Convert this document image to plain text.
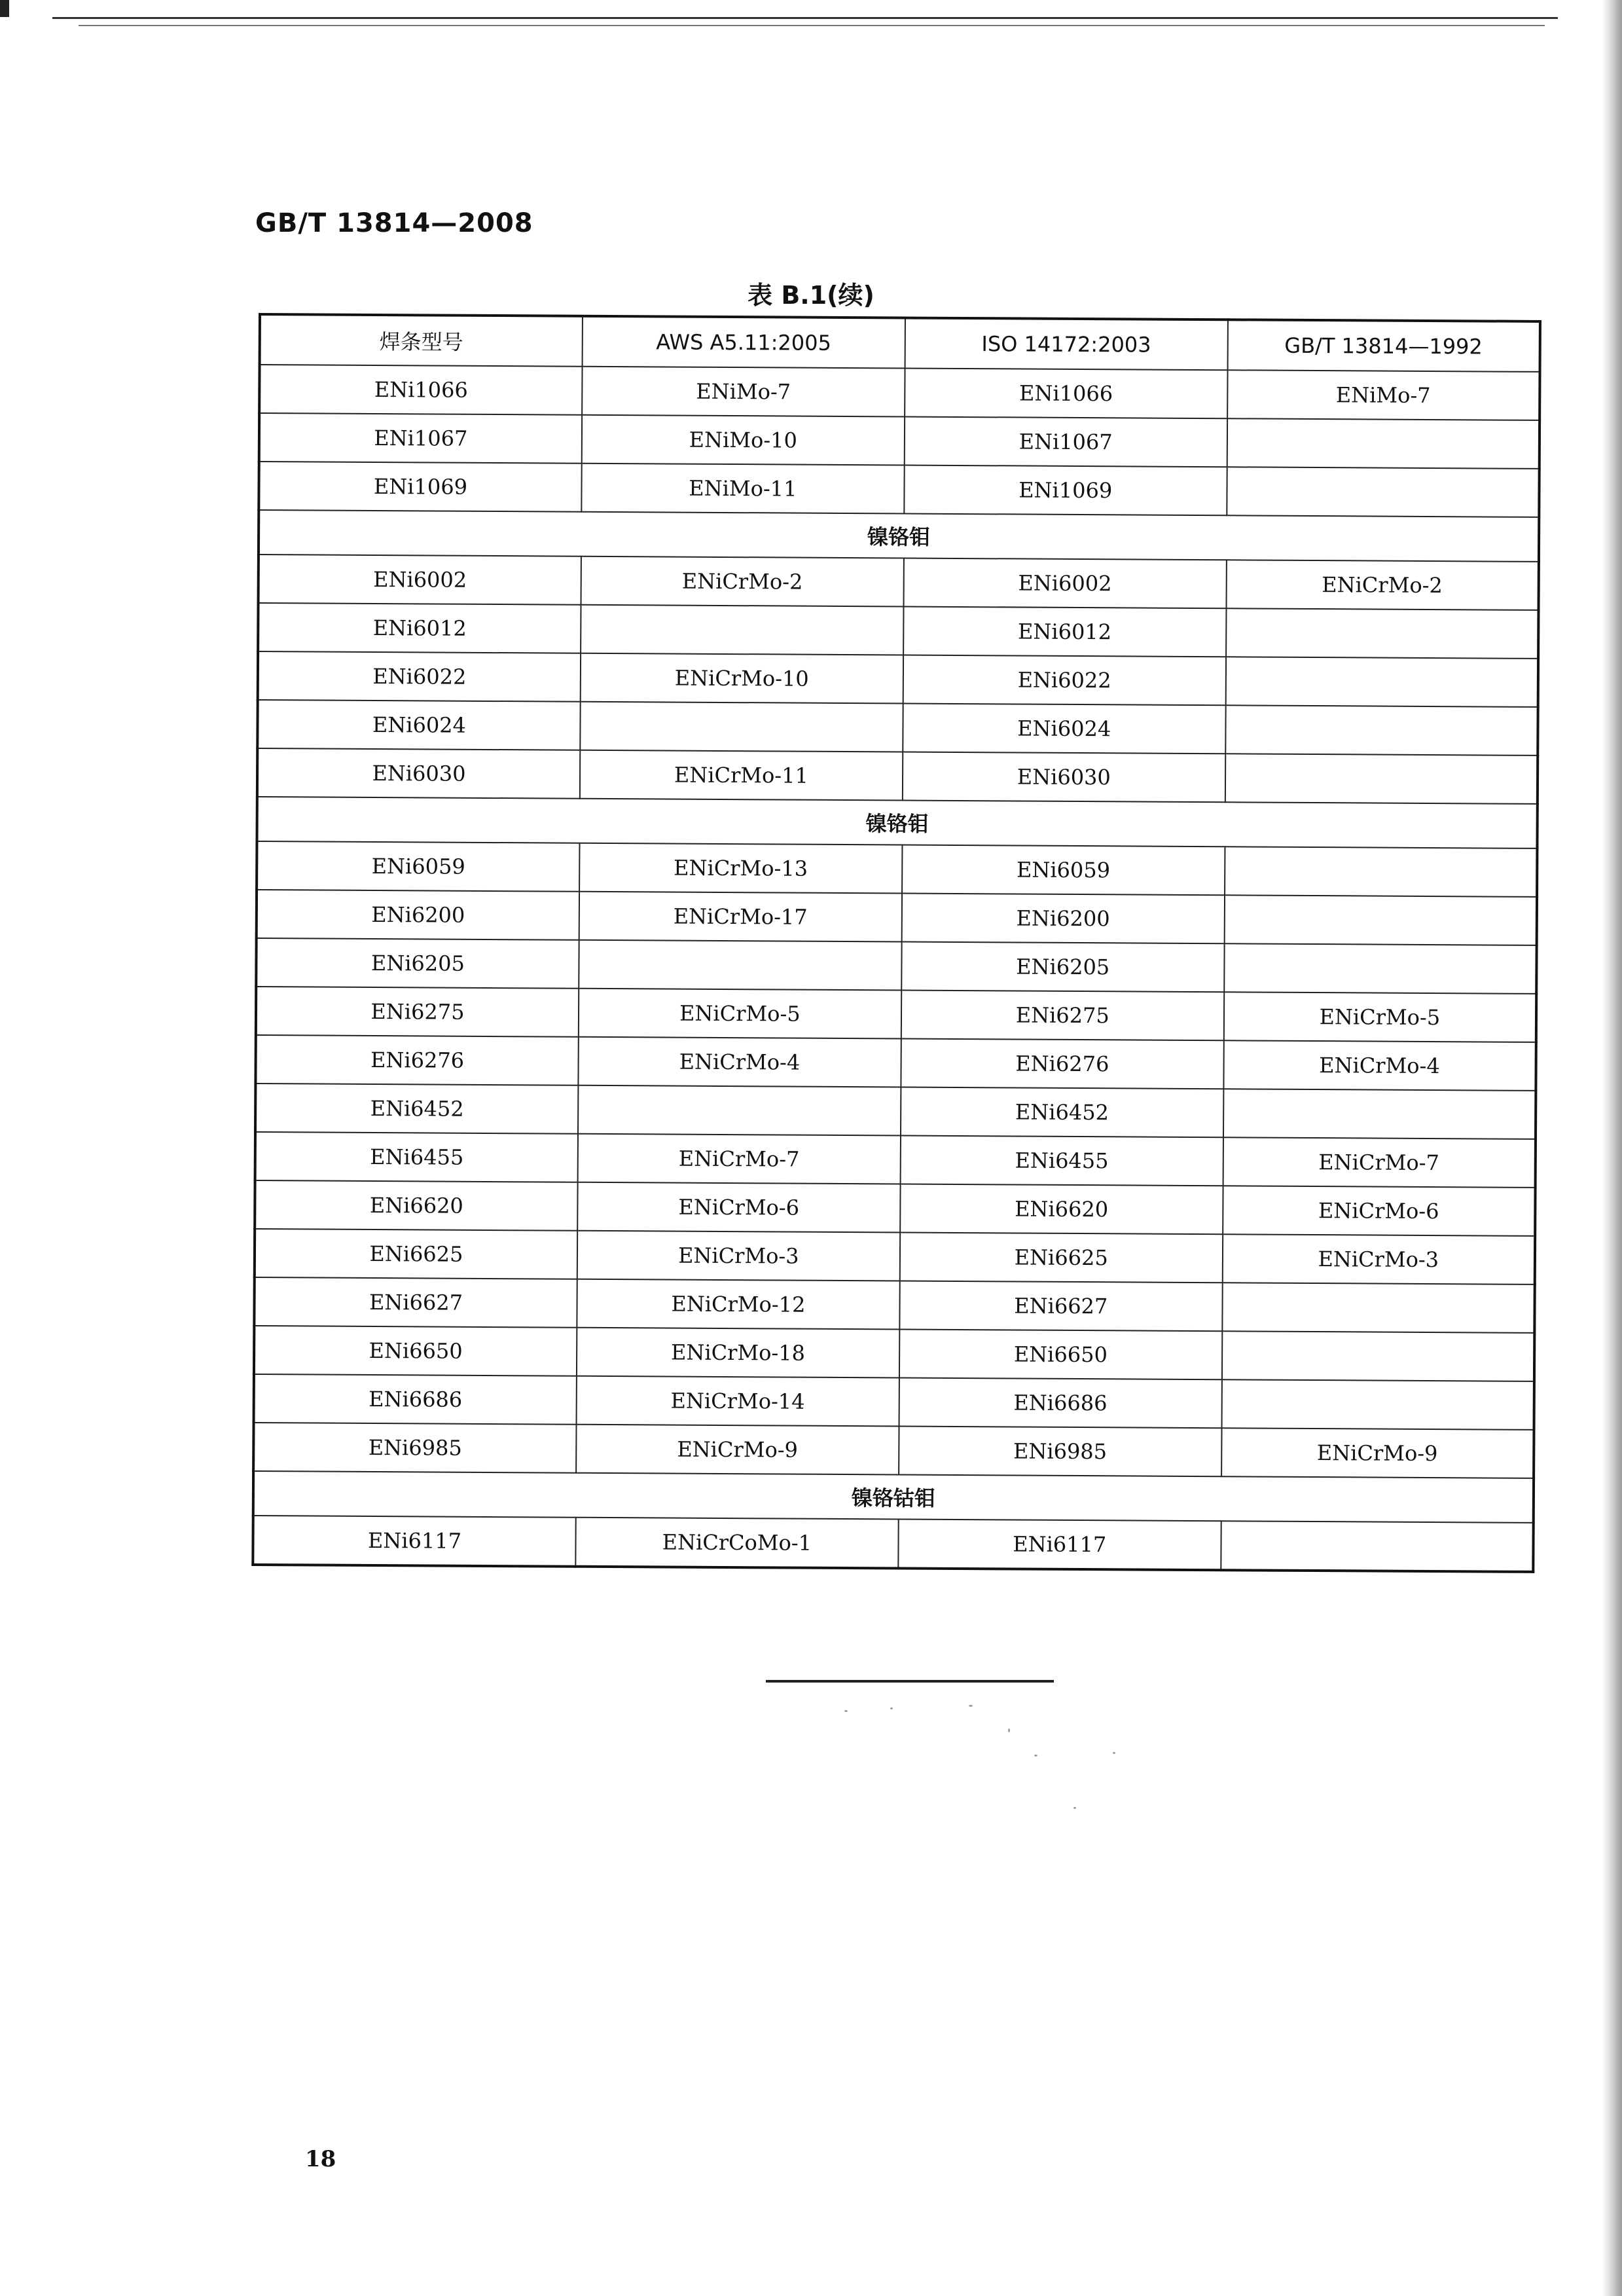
GB/T 13814—2008
表 B.1(续)
焊条型号	AWS A5.11:2005	ISO 14172:2003	GB/T 13814—1992
ENi1066	ENiMo-7	ENi1066	ENiMo-7
ENi1067	ENiMo-10	ENi1067	
ENi1069	ENiMo-11	ENi1069	
镍铬钼			
ENi6002	ENiCrMo-2	ENi6002	ENiCrMo-2
ENi6012		ENi6012	
ENi6022	ENiCrMo-10	ENi6022	
ENi6024		ENi6024	
ENi6030	ENiCrMo-11	ENi6030	
镍铬钼			
ENi6059	ENiCrMo-13	ENi6059	
ENi6200	ENiCrMo-17	ENi6200	
ENi6205		ENi6205	
ENi6275	ENiCrMo-5	ENi6275	ENiCrMo-5
ENi6276	ENiCrMo-4	ENi6276	ENiCrMo-4
ENi6452		ENi6452	
ENi6455	ENiCrMo-7	ENi6455	ENiCrMo-7
ENi6620	ENiCrMo-6	ENi6620	ENiCrMo-6
ENi6625	ENiCrMo-3	ENi6625	ENiCrMo-3
ENi6627	ENiCrMo-12	ENi6627	
ENi6650	ENiCrMo-18	ENi6650	
ENi6686	ENiCrMo-14	ENi6686	
ENi6985	ENiCrMo-9	ENi6985	ENiCrMo-9
镍铬钴钼			
ENi6117	ENiCrCoMo-1	ENi6117	
18
